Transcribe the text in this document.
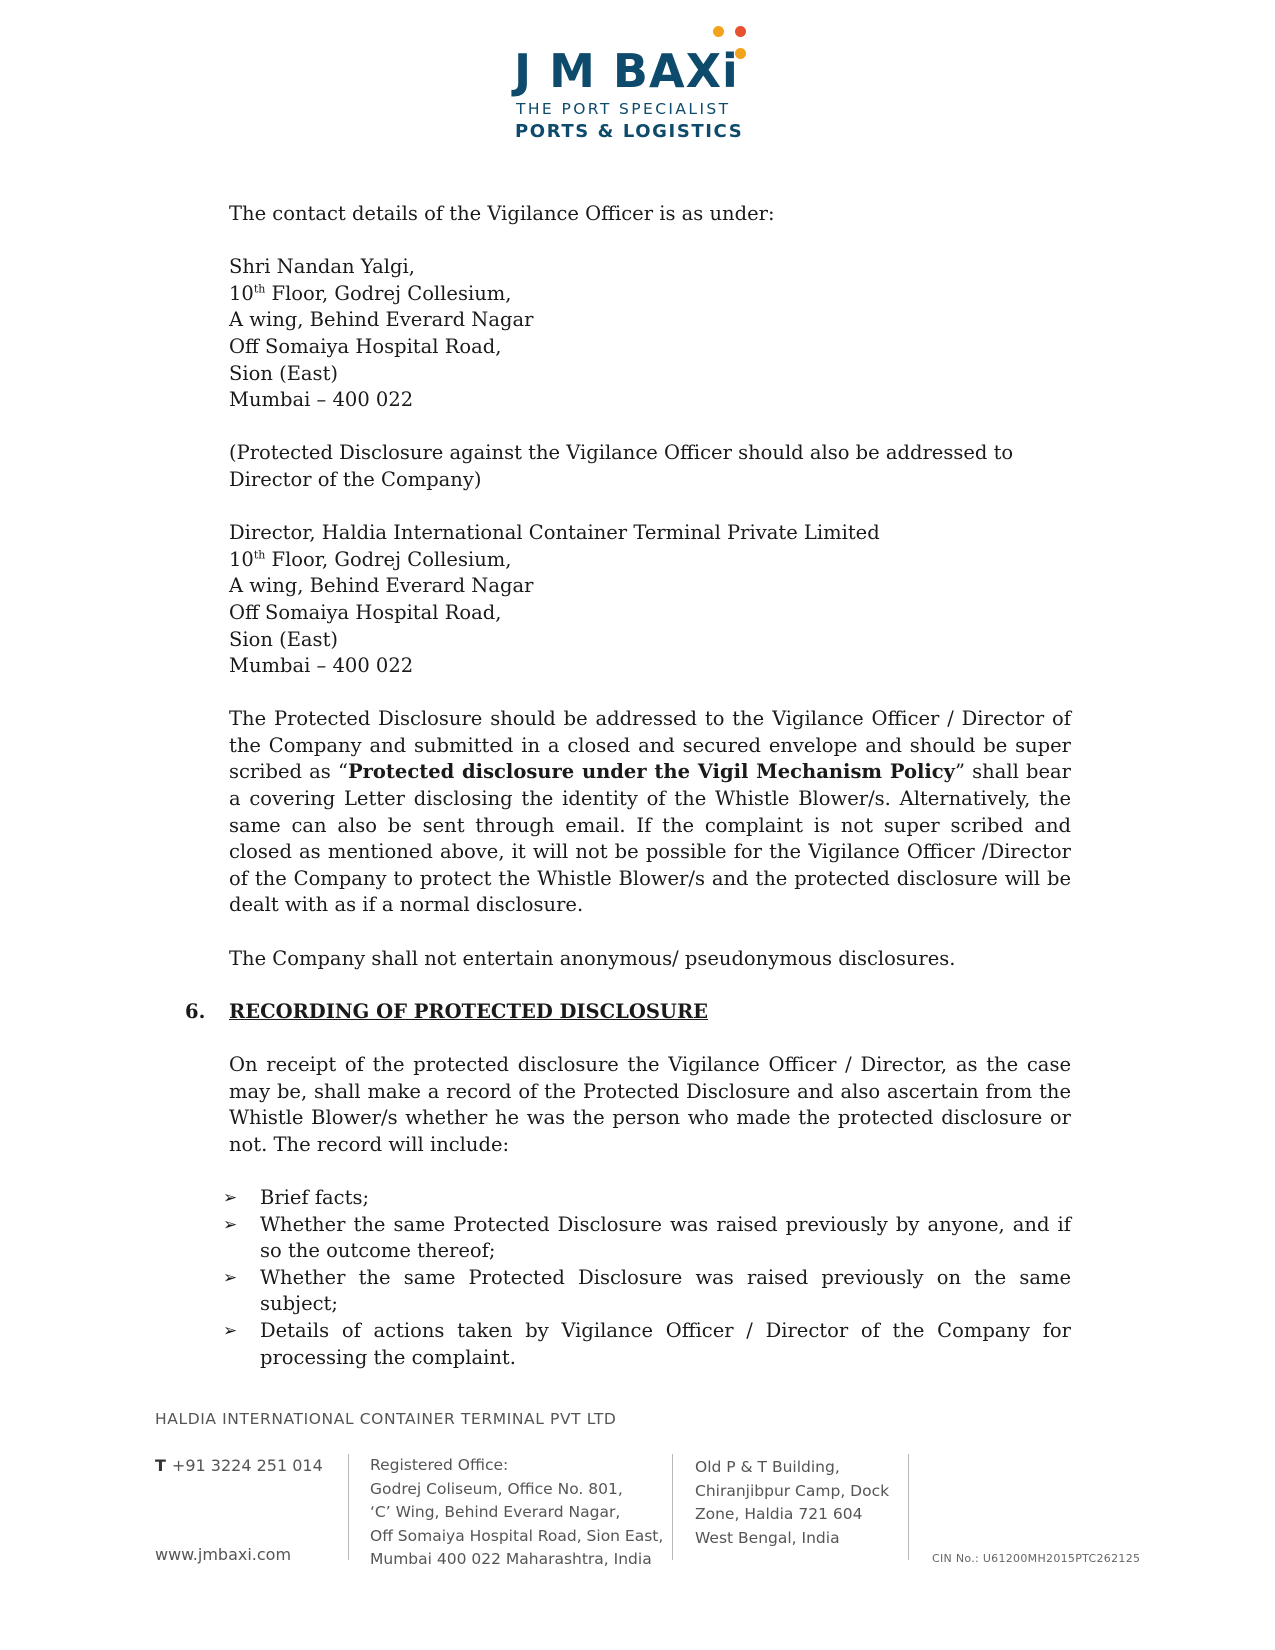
J M BAXi
THE PORT SPECIALIST
PORTS & LOGISTICS

The contact details of the Vigilance Officer is as under:

Shri Nandan Yalgi,

10th Floor, Godrej Collesium,

A wing, Behind Everard Nagar

Off Somaiya Hospital Road,

Sion (East)

Mumbai – 400 022

(Protected Disclosure against the Vigilance Officer should also be addressed to Director of the Company)

Director, Haldia International Container Terminal Private Limited

10th Floor, Godrej Collesium,

A wing, Behind Everard Nagar

Off Somaiya Hospital Road,

Sion (East)

Mumbai – 400 022

The Protected Disclosure should be addressed to the Vigilance Officer / Director of the Company and submitted in a closed and secured envelope and should be super scribed as “Protected disclosure under the Vigil Mechanism Policy” shall bear a covering Letter disclosing the identity of the Whistle Blower/s. Alternatively, the same can also be sent through email. If the complaint is not super scribed and closed as mentioned above, it will not be possible for the Vigilance Officer /Director of the Company to protect the Whistle Blower/s and the protected disclosure will be dealt with as if a normal disclosure.

The Company shall not entertain anonymous/ pseudonymous disclosures.

6. RECORDING OF PROTECTED DISCLOSURE

On receipt of the protected disclosure the Vigilance Officer / Director, as the case may be, shall make a record of the Protected Disclosure and also ascertain from the Whistle Blower/s whether he was the person who made the protected disclosure or not. The record will include:

➢ Brief facts;
➢ Whether the same Protected Disclosure was raised previously by anyone, and if so the outcome thereof;
➢ Whether the same Protected Disclosure was raised previously on the same subject;
➢ Details of actions taken by Vigilance Officer / Director of the Company for processing the complaint.
HALDIA INTERNATIONAL CONTAINER TERMINAL PVT LTD
T +91 3224 251 014
www.jmbaxi.com
Registered Office:
Godrej Coliseum, Office No. 801,
‘C’ Wing, Behind Everard Nagar,
Off Somaiya Hospital Road, Sion East,
Mumbai 400 022 Maharashtra, India
Old P & T Building,
Chiranjibpur Camp, Dock
Zone, Haldia 721 604
West Bengal, India
CIN No.: U61200MH2015PTC262125
